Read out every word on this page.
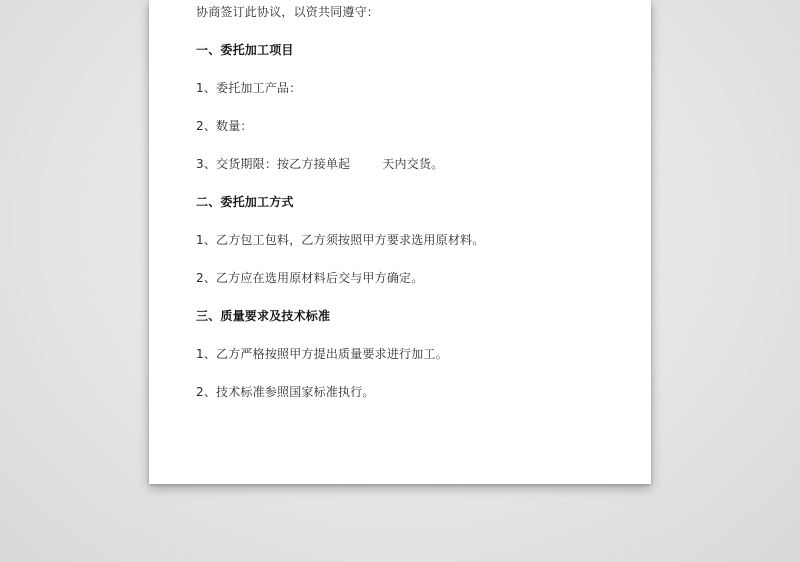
协商签订此协议，以资共同遵守：
一、委托加工项目
1、委托加工产品：
2、数量：
3、交货期限：按乙方接单起        天内交货。
二、委托加工方式
1、乙方包工包料，乙方须按照甲方要求选用原材料。
2、乙方应在选用原材料后交与甲方确定。
三、质量要求及技术标准
1、乙方严格按照甲方提出质量要求进行加工。
2、技术标准参照国家标准执行。
